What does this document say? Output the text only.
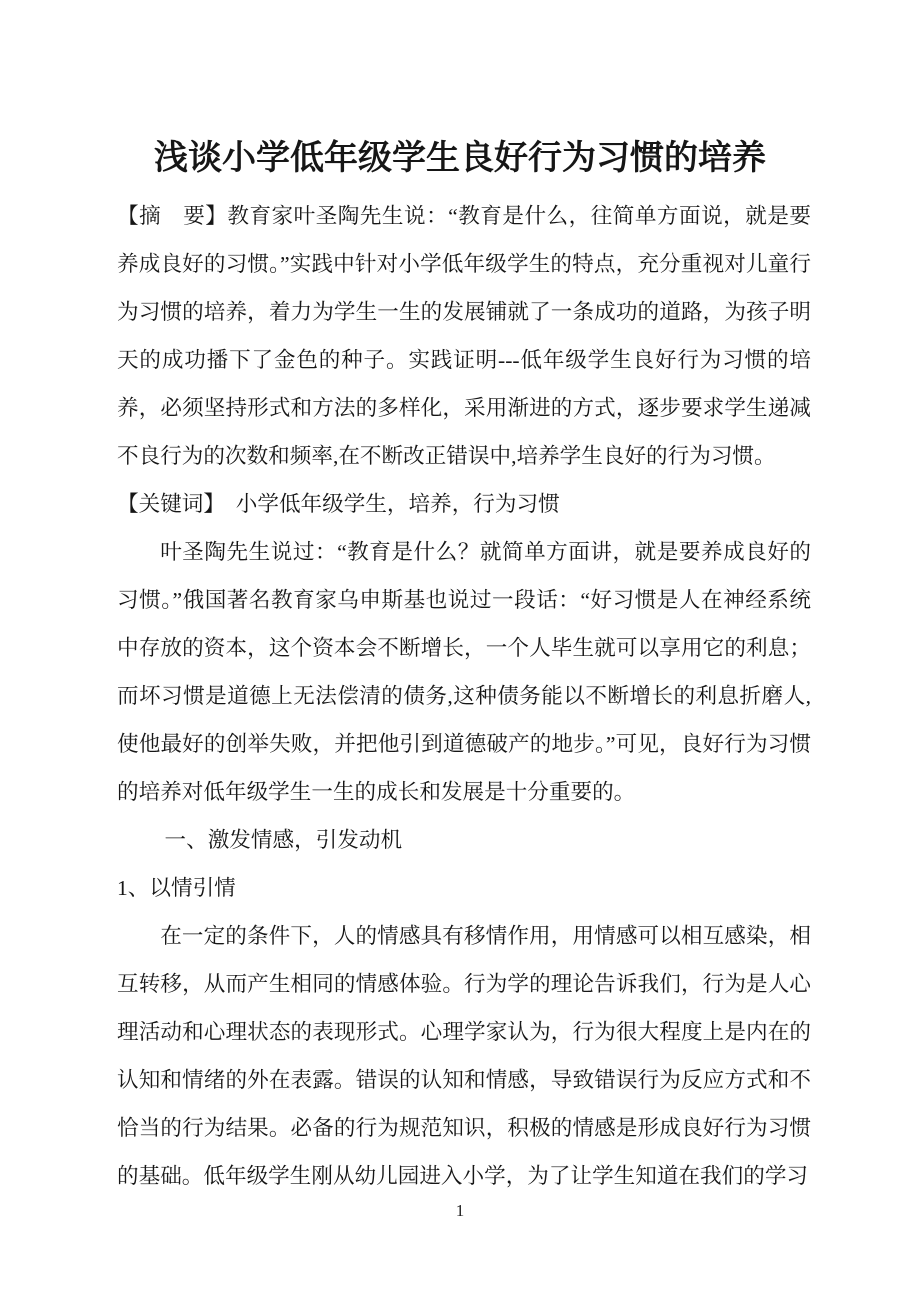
浅谈小学低年级学生良好行为习惯的培养

【摘　要】教育家叶圣陶先生说：“教育是什么，往简单方面说，就是要养成良好的习惯。”实践中针对小学低年级学生的特点，充分重视对儿童行为习惯的培养，着力为学生一生的发展铺就了一条成功的道路，为孩子明天的成功播下了金色的种子。实践证明---低年级学生良好行为习惯的培养，必须坚持形式和方法的多样化，采用渐进的方式，逐步要求学生递减不良行为的次数和频率,在不断改正错误中,培养学生良好的行为习惯。

【关键词】　小学低年级学生，培养，行为习惯

叶圣陶先生说过：“教育是什么？就简单方面讲，就是要养成良好的习惯。”俄国著名教育家乌申斯基也说过一段话：“好习惯是人在神经系统中存放的资本，这个资本会不断增长，一个人毕生就可以享用它的利息；而坏习惯是道德上无法偿清的债务,这种债务能以不断增长的利息折磨人,使他最好的创举失败，并把他引到道德破产的地步。”可见，良好行为习惯的培养对低年级学生一生的成长和发展是十分重要的。

一、激发情感，引发动机

1、以情引情

在一定的条件下，人的情感具有移情作用，用情感可以相互感染，相互转移，从而产生相同的情感体验。行为学的理论告诉我们，行为是人心理活动和心理状态的表现形式。心理学家认为，行为很大程度上是内在的认知和情绪的外在表露。错误的认知和情感，导致错误行为反应方式和不恰当的行为结果。必备的行为规范知识，积极的情感是形成良好行为习惯的基础。低年级学生刚从幼儿园进入小学，为了让学生知道在我们的学习

1
